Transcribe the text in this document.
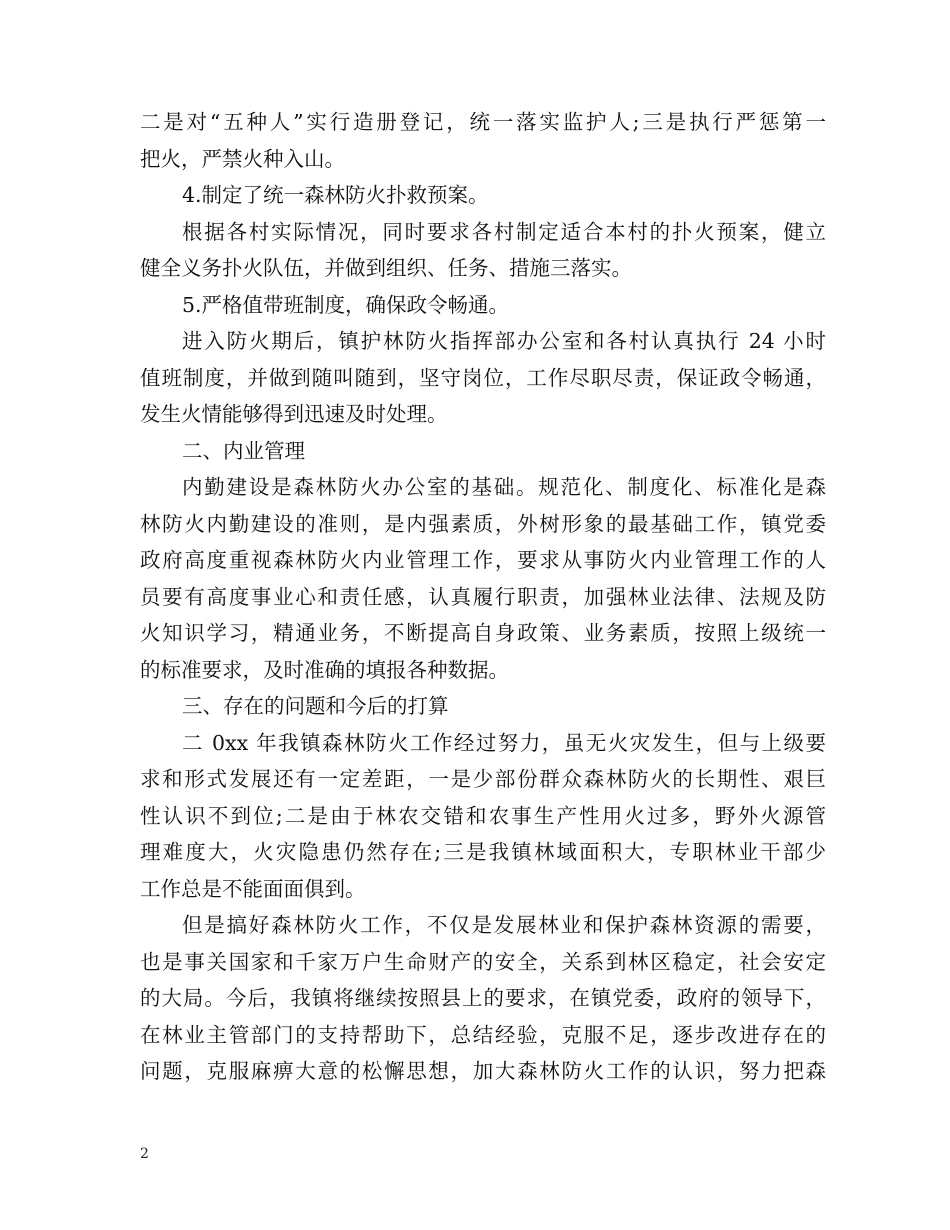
二是对“五种人”实行造册登记，统一落实监护人;三是执行严惩第一
把火，严禁火种入山。
4.制定了统一森林防火扑救预案。
根据各村实际情况，同时要求各村制定适合本村的扑火预案，健立
健全义务扑火队伍，并做到组织、任务、措施三落实。
5.严格值带班制度，确保政令畅通。
进入防火期后，镇护林防火指挥部办公室和各村认真执行 24 小时
值班制度，并做到随叫随到，坚守岗位，工作尽职尽责，保证政令畅通，
发生火情能够得到迅速及时处理。
二、内业管理
内勤建设是森林防火办公室的基础。规范化、制度化、标准化是森
林防火内勤建设的准则，是内强素质，外树形象的最基础工作，镇党委
政府高度重视森林防火内业管理工作，要求从事防火内业管理工作的人
员要有高度事业心和责任感，认真履行职责，加强林业法律、法规及防
火知识学习，精通业务，不断提高自身政策、业务素质，按照上级统一
的标准要求，及时准确的填报各种数据。
三、存在的问题和今后的打算
二 0xx 年我镇森林防火工作经过努力，虽无火灾发生，但与上级要
求和形式发展还有一定差距，一是少部份群众森林防火的长期性、艰巨
性认识不到位;二是由于林农交错和农事生产性用火过多，野外火源管
理难度大，火灾隐患仍然存在;三是我镇林域面积大，专职林业干部少
工作总是不能面面俱到。
但是搞好森林防火工作，不仅是发展林业和保护森林资源的需要，
也是事关国家和千家万户生命财产的安全，关系到林区稳定，社会安定
的大局。今后，我镇将继续按照县上的要求，在镇党委，政府的领导下，
在林业主管部门的支持帮助下，总结经验，克服不足，逐步改进存在的
问题，克服麻痹大意的松懈思想，加大森林防火工作的认识，努力把森
2
